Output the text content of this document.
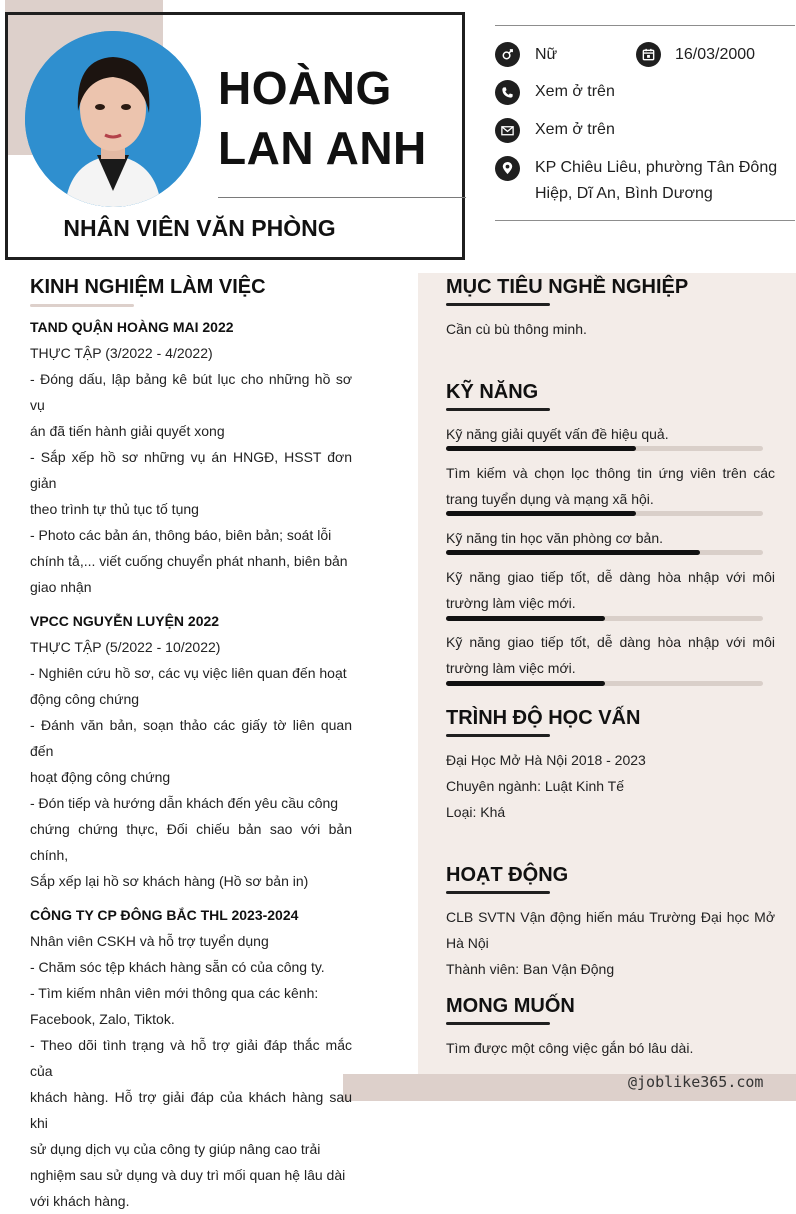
HOÀNG
LAN ANH
NHÂN VIÊN VĂN PHÒNG
Nữ	16/03/2000
Xem ở trên
Xem ở trên
KP Chiêu Liêu, phường Tân Đông
Hiệp, Dĩ An, Bình Dương
KINH NGHIỆM LÀM VIỆC
TAND QUẬN HOÀNG MAI 2022
THỰC TẬP (3/2022 - 4/2022)
- Đóng dấu, lập bảng kê bút lục cho những hồ sơ vụ
án đã tiến hành giải quyết xong
- Sắp xếp hồ sơ những vụ án HNGĐ, HSST đơn giản
theo trình tự thủ tục tố tụng
- Photo các bản án, thông báo, biên bản; soát lỗi
chính tả,... viết cuống chuyển phát nhanh, biên bản
giao nhận
VPCC NGUYỄN LUYỆN 2022
THỰC TẬP (5/2022 - 10/2022)
- Nghiên cứu hồ sơ, các vụ việc liên quan đến hoạt
động công chứng
- Đánh văn bản, soạn thảo các giấy tờ liên quan đến
hoạt động công chứng
- Đón tiếp và hướng dẫn khách đến yêu cầu công
chứng chứng thực, Đối chiếu bản sao với bản chính,
Sắp xếp lại hồ sơ khách hàng (Hồ sơ bản in)
CÔNG TY CP ĐÔNG BẮC THL 2023-2024
Nhân viên CSKH và hỗ trợ tuyển dụng
- Chăm sóc tệp khách hàng sẵn có của công ty.
- Tìm kiếm nhân viên mới thông qua các kênh:
Facebook, Zalo, Tiktok.
- Theo dõi tình trạng và hỗ trợ giải đáp thắc mắc của
khách hàng. Hỗ trợ giải đáp của khách hàng sau khi
sử dụng dịch vụ của công ty giúp nâng cao trải
nghiệm sau sử dụng và duy trì mối quan hệ lâu dài
với khách hàng.
MỤC TIÊU NGHỀ NGHIỆP
Cần cù bù thông minh.
KỸ NĂNG
Kỹ năng giải quyết vấn đề hiệu quả.
Tìm kiếm và chọn lọc thông tin ứng viên trên các
trang tuyển dụng và mạng xã hội.
Kỹ năng tin học văn phòng cơ bản.
Kỹ năng giao tiếp tốt, dễ dàng hòa nhập với môi
trường làm việc mới.
Kỹ năng giao tiếp tốt, dễ dàng hòa nhập với môi
trường làm việc mới.
TRÌNH ĐỘ HỌC VẤN
Đại Học Mở Hà Nội 2018 - 2023
Chuyên ngành: Luật Kinh Tế
Loại: Khá
HOẠT ĐỘNG
CLB SVTN Vận động hiến máu Trường Đại học Mở
Hà Nội
Thành viên: Ban Vận Động
MONG MUỐN
Tìm được một công việc gắn bó lâu dài.
@joblike365.com
